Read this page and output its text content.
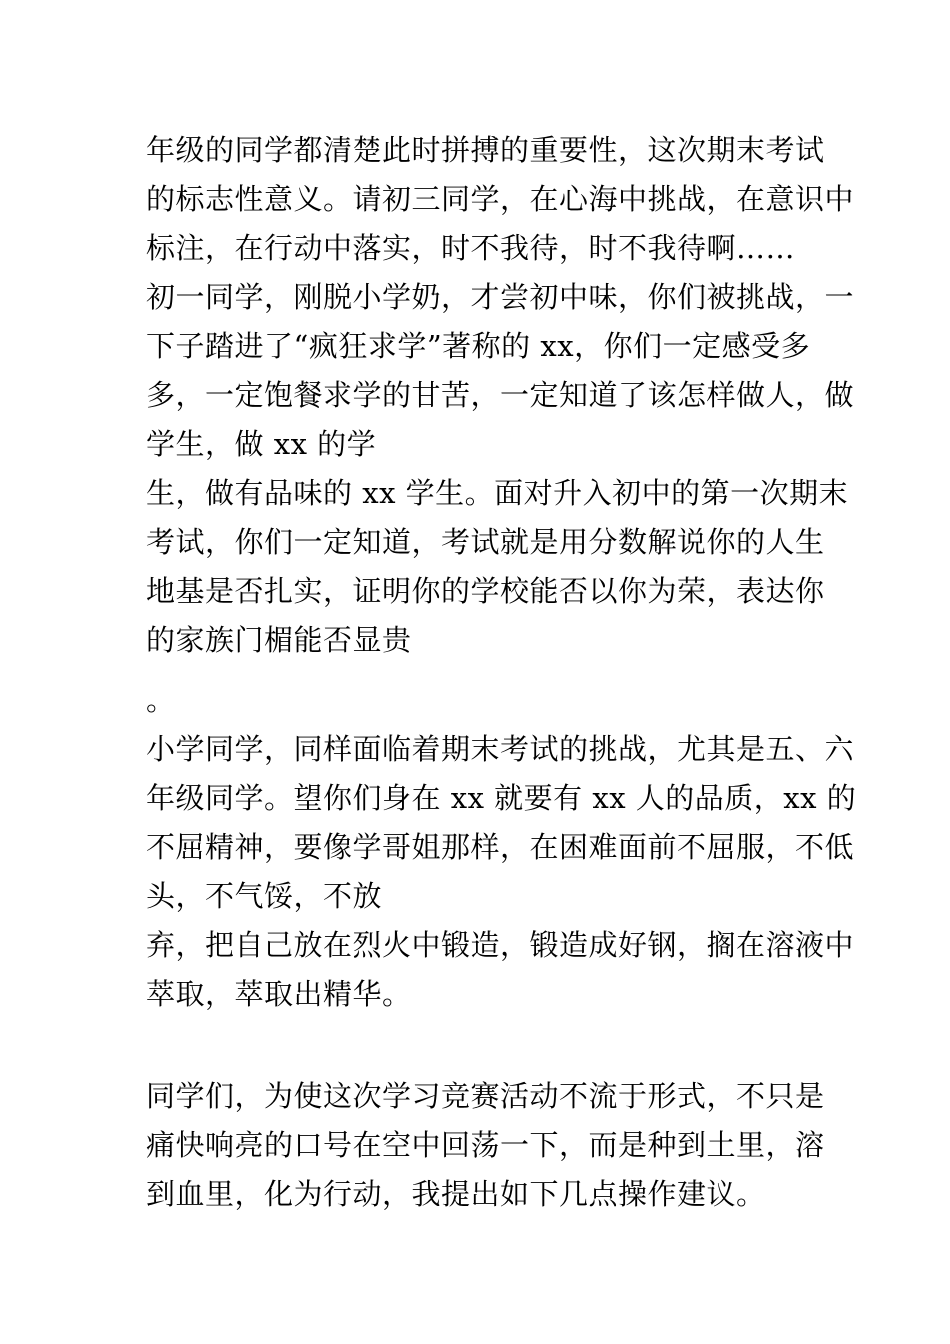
年级的同学都清楚此时拼搏的重要性，这次期末考试
的标志性意义。请初三同学，在心海中挑战，在意识中
标注，在行动中落实，时不我待，时不我待啊……
初一同学，刚脱小学奶，才尝初中味，你们被挑战，一
下子踏进了“疯狂求学”著称的 xx，你们一定感受多
多，一定饱餐求学的甘苦，一定知道了该怎样做人，做
学生，做 xx 的学
生，做有品味的 xx 学生。面对升入初中的第一次期末
考试，你们一定知道，考试就是用分数解说你的人生
地基是否扎实，证明你的学校能否以你为荣，表达你
的家族门楣能否显贵
。
小学同学，同样面临着期末考试的挑战，尤其是五、六
年级同学。望你们身在 xx 就要有 xx 人的品质，xx 的
不屈精神，要像学哥姐那样，在困难面前不屈服，不低
头，不气馁，不放
弃，把自己放在烈火中锻造，锻造成好钢，搁在溶液中
萃取，萃取出精华。
同学们，为使这次学习竞赛活动不流于形式，不只是
痛快响亮的口号在空中回荡一下，而是种到土里，溶
到血里，化为行动，我提出如下几点操作建议。
